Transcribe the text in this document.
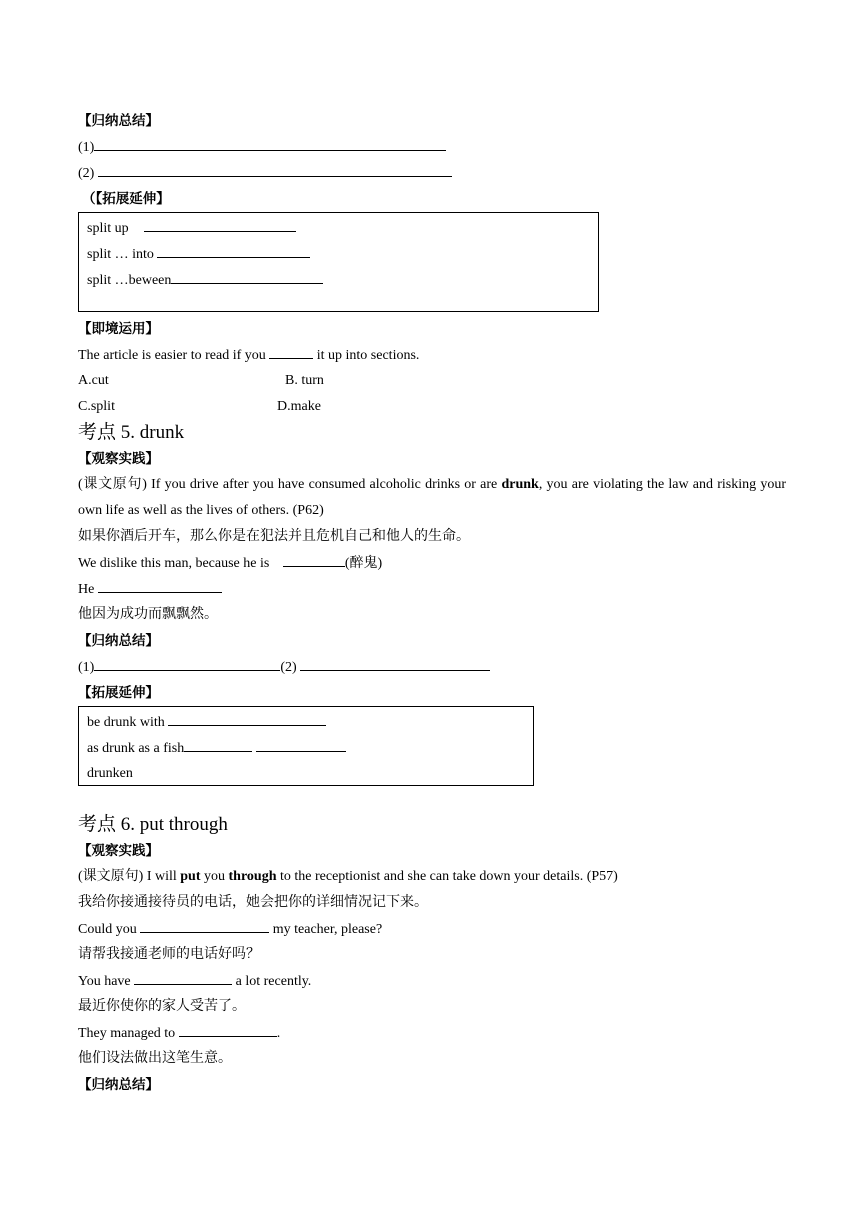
【归纳总结】
(1)
(2)
（【拓展延伸】
split up
split … into
split …beween
【即境运用】
The article is easier to read if you	it up into sections.
A.cut	B. turn
C.split	D.make
考点 5. drunk
【观察实践】
(课文原句) If you drive after you have consumed alcoholic drinks or are drunk, you are violating the law and risking your own life as well as the lives of others. (P62)
如果你酒后开车，那么你是在犯法并且危机自己和他人的生命。
We dislike this man, because he is	(醉鬼)
He
他因为成功而飘飘然。
【归纳总结】
(1)	(2)
【拓展延伸】
be drunk with
as drunk as a fish
drunken
考点 6. put through
【观察实践】
(课文原句) I will put you through to the receptionist and she can take down your details. (P57)
我给你接通接待员的电话，她会把你的详细情况记下来。
Could you	my teacher, please?
请帮我接通老师的电话好吗？
You have	a lot recently.
最近你使你的家人受苦了。
They managed to	.
他们设法做出这笔生意。
【归纳总结】
